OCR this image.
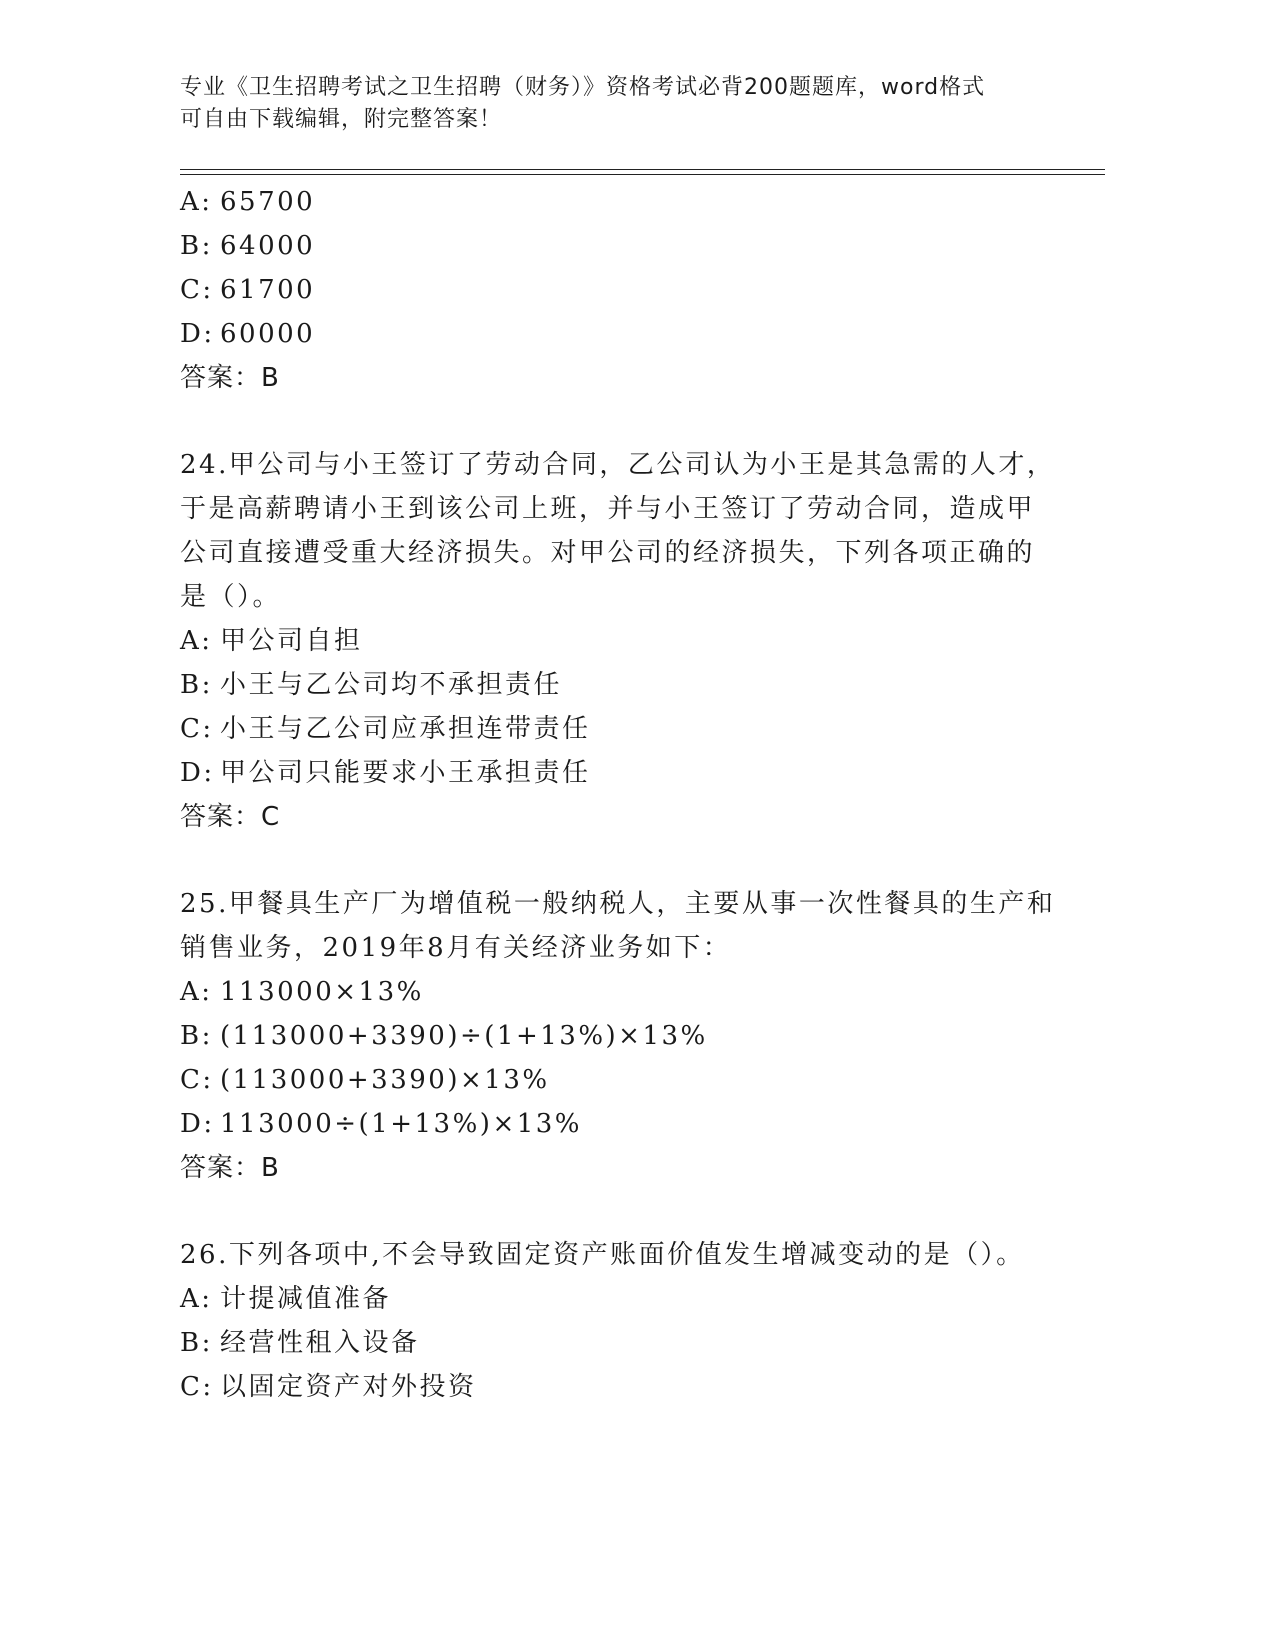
专业《卫生招聘考试之卫生招聘（财务）》资格考试必背200题题库，word格式
可自由下载编辑，附完整答案！
A: 65700
B: 64000
C: 61700
D: 60000
答案：B
24.甲公司与小王签订了劳动合同，乙公司认为小王是其急需的人才，
于是高薪聘请小王到该公司上班，并与小王签订了劳动合同，造成甲
公司直接遭受重大经济损失。对甲公司的经济损失，下列各项正确的
是（）。
A: 甲公司自担
B: 小王与乙公司均不承担责任
C: 小王与乙公司应承担连带责任
D: 甲公司只能要求小王承担责任
答案：C
25.甲餐具生产厂为增值税一般纳税人，主要从事一次性餐具的生产和
销售业务，2019年8月有关经济业务如下：
A: 113000×13%
B: (113000+3390)÷(1+13%)×13%
C: (113000+3390)×13%
D: 113000÷(1+13%)×13%
答案：B
26.下列各项中,不会导致固定资产账面价值发生增减变动的是（）。
A: 计提减值准备
B: 经营性租入设备
C: 以固定资产对外投资
